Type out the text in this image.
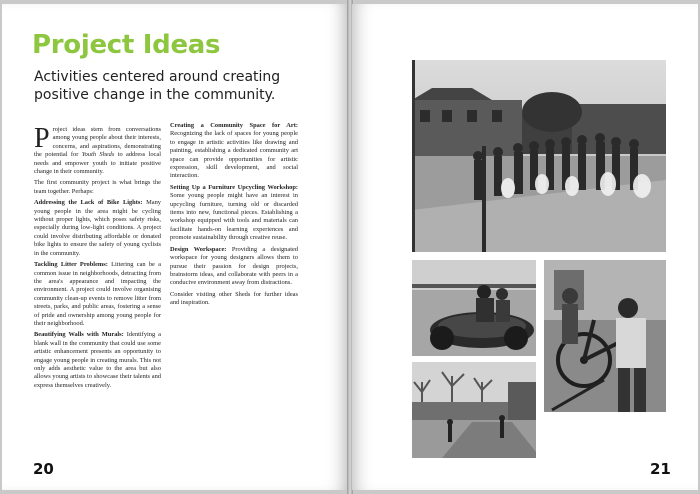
Project Ideas
Activities centered around creating positive change in the community.

Project ideas stem from conversations among young people about their interests, concerns, and aspirations, demonstrating the potential for Youth Sheds to address local needs and empower youth to initiate positive change in their community.

The first community project is what brings the team together. Perhaps:

Addressing the Lack of Bike Lights: Many young people in the area might be cycling without proper lights, which poses safety risks, especially during low-light conditions. A project could involve distributing affordable or donated bike lights to ensure the safety of young cyclists in the community.

Tackling Litter Problems: Littering can be a common issue in neighborhoods, detracting from the area's appearance and impacting the environment. A project could involve organising community clean-up events to remove litter from streets, parks, and public areas, fostering a sense of pride and ownership among young people for their neighborhood.

Beautifying Walls with Murals: Identifying a blank wall in the community that could use some artistic enhancement presents an opportunity to engage young people in creating murals. This not only adds aesthetic value to the area but also allows young artists to showcase their talents and express themselves creatively.

Creating a Community Space for Art: Recognizing the lack of spaces for young people to engage in artistic activities like drawing and painting, establishing a dedicated community art space can provide opportunities for artistic expression, skill development, and social interaction.

Setting Up a Furniture Upcycling Workshop: Some young people might have an interest in upcycling furniture, turning old or discarded items into new, functional pieces. Establishing a workshop equipped with tools and materials can facilitate hands-on learning experiences and promote sustainability through creative reuse.

Design Workspace: Providing a designated workspace for young designers allows them to pursue their passion for design projects, brainstorm ideas, and collaborate with peers in a conducive environment away from distractions.

Consider visiting other Sheds for further ideas and inspiration.

20	21
